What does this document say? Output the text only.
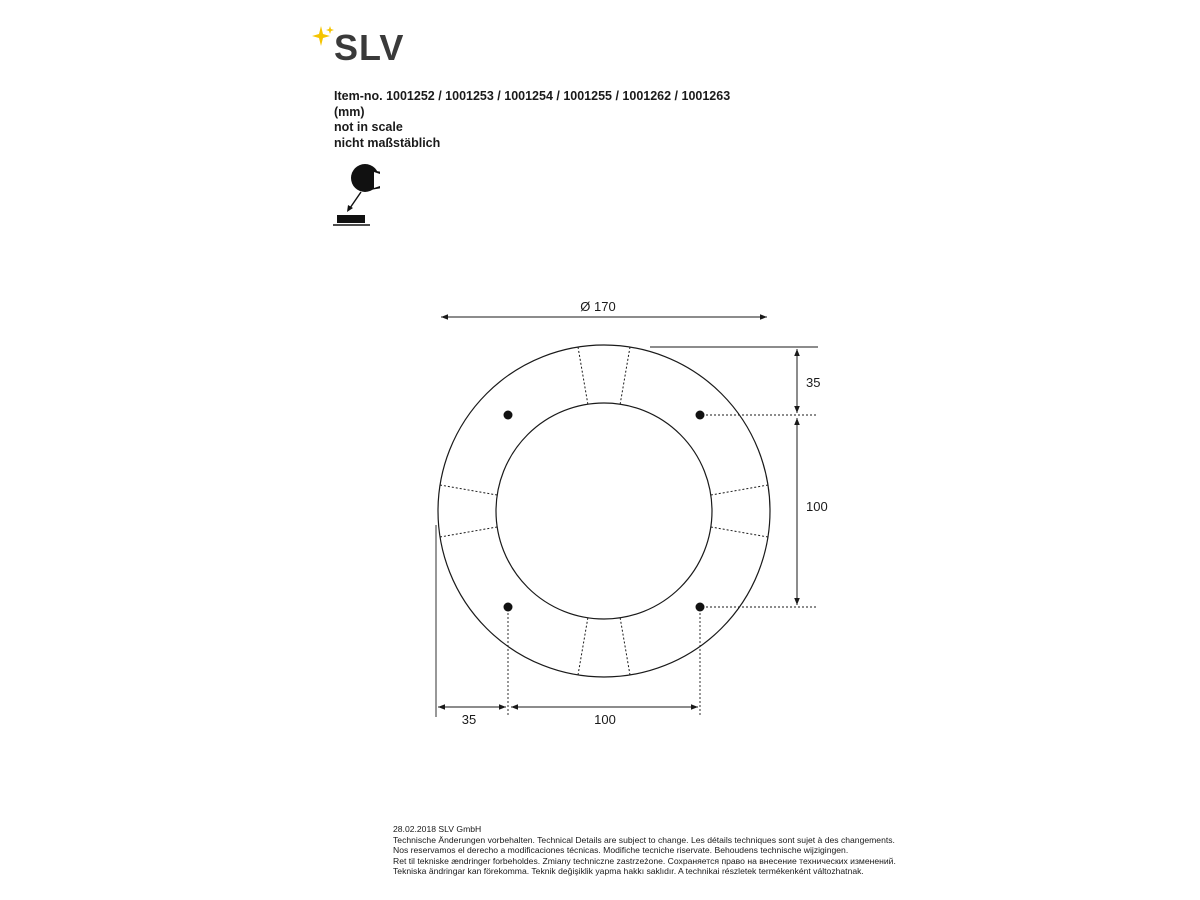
SLV
Item-no. 1001252 / 1001253 / 1001254 / 1001255 / 1001262 / 1001263
(mm)
not in scale
nicht maßstäblich
Ø 170
35
100
35	100
28.02.2018 SLV GmbH
Technische Änderungen vorbehalten. Technical Details are subject to change. Les détails techniques sont sujet à des changements.
Nos reservamos el derecho a modificaciones técnicas. Modifiche tecniche riservate. Behoudens technische wijzigingen.
Ret til tekniske ændringer forbeholdes. Zmiany techniczne zastrzeżone. Сохраняется право на внесение технических изменений.
Tekniska ändringar kan förekomma. Teknik değişiklik yapma hakkı saklıdır. A technikai részletek termékenként változhatnak.
